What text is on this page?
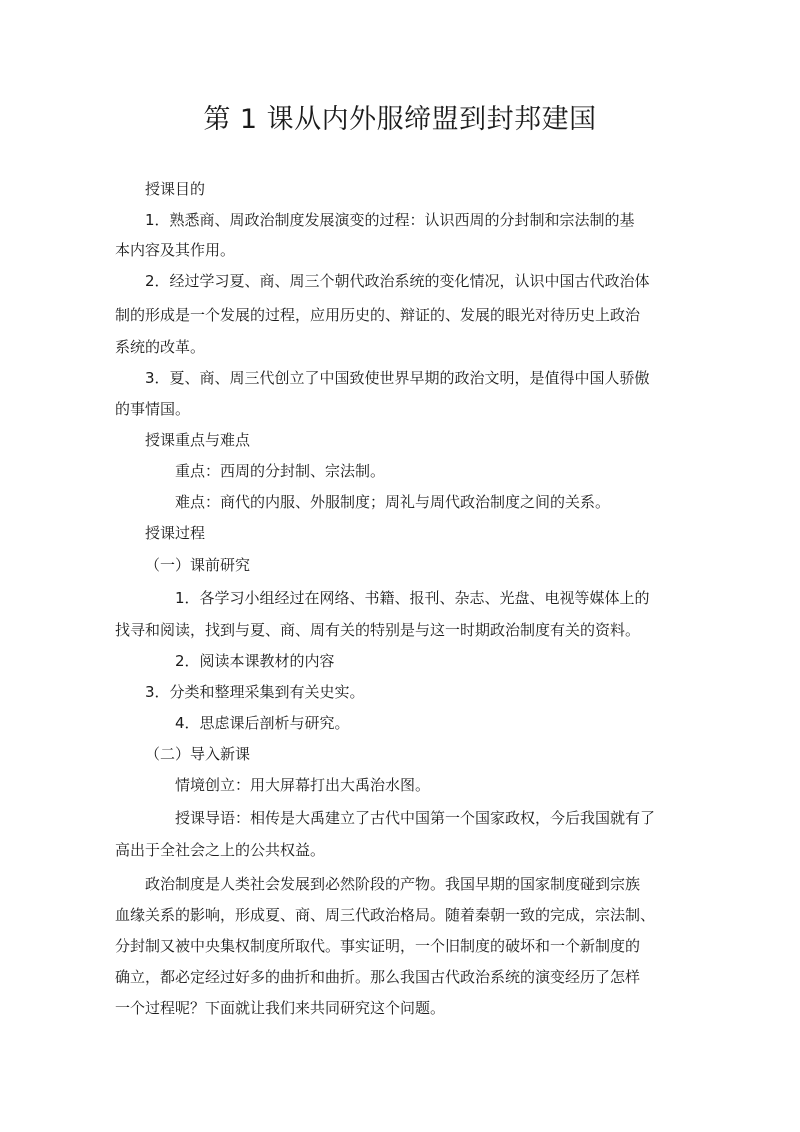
第 1 课从内外服缔盟到封邦建国

授课目的

1．熟悉商、周政治制度发展演变的过程：认识西周的分封制和宗法制的基

本内容及其作用。

2．经过学习夏、商、周三个朝代政治系统的变化情况，认识中国古代政治体

制的形成是一个发展的过程，应用历史的、辩证的、发展的眼光对待历史上政治

系统的改革。

3．夏、商、周三代创立了中国致使世界早期的政治文明，是值得中国人骄傲

的事情国。

授课重点与难点

重点：西周的分封制、宗法制。

难点：商代的内服、外服制度；周礼与周代政治制度之间的关系。

授课过程

（一）课前研究

1．各学习小组经过在网络、书籍、报刊、杂志、光盘、电视等媒体上的

找寻和阅读，找到与夏、商、周有关的特别是与这一时期政治制度有关的资料。

2．阅读本课教材的内容

3．分类和整理采集到有关史实。

4．思虑课后剖析与研究。

（二）导入新课

情境创立：用大屏幕打出大禹治水图。

授课导语：相传是大禹建立了古代中国第一个国家政权，今后我国就有了

高出于全社会之上的公共权益。

政治制度是人类社会发展到必然阶段的产物。我国早期的国家制度碰到宗族

血缘关系的影响，形成夏、商、周三代政治格局。随着秦朝一致的完成，宗法制、

分封制又被中央集权制度所取代。事实证明，一个旧制度的破坏和一个新制度的

确立，都必定经过好多的曲折和曲折。那么我国古代政治系统的演变经历了怎样

一个过程呢？下面就让我们来共同研究这个问题。
